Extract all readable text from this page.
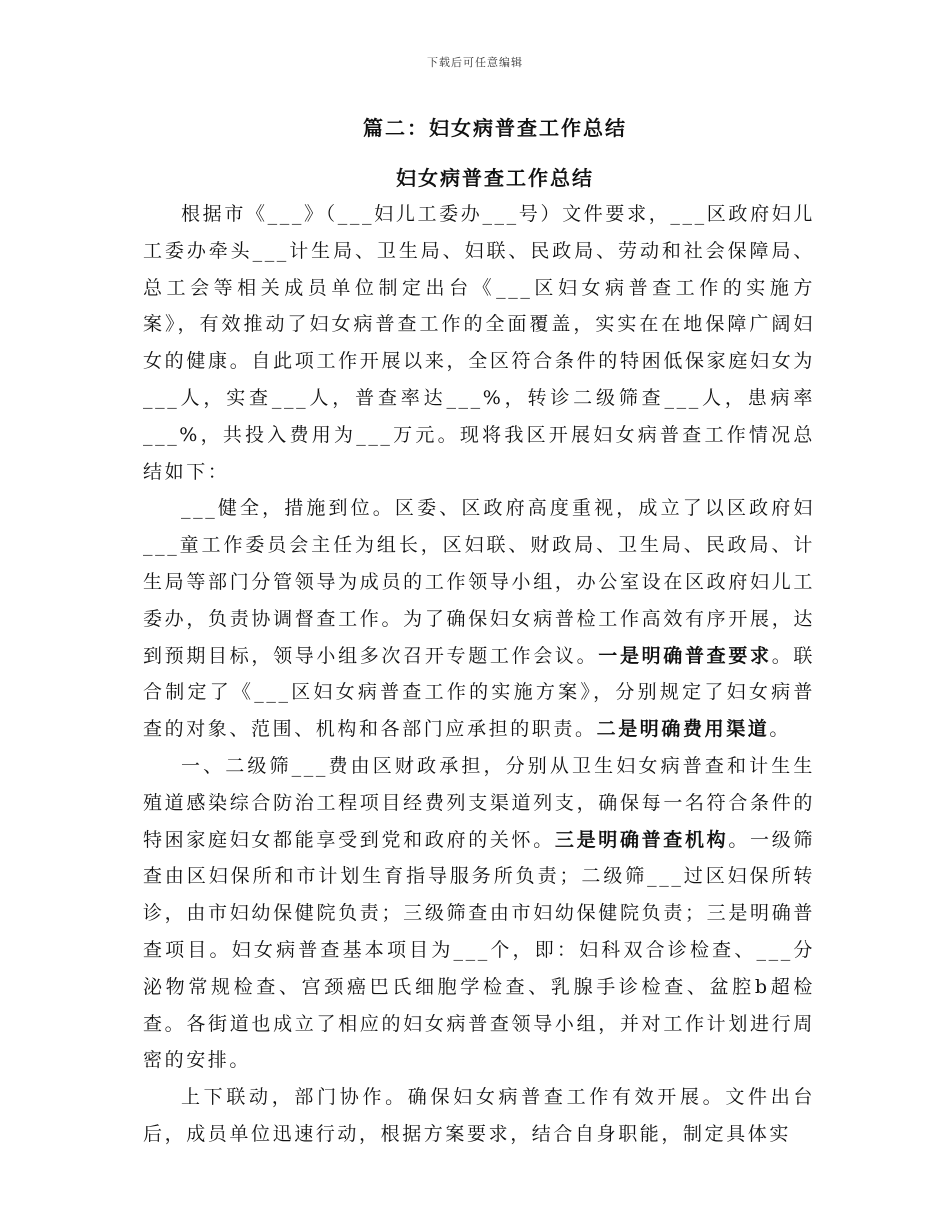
下载后可任意编辑
篇二：妇女病普查工作总结
妇女病普查工作总结

根据市《___》（___妇儿工委办___号）文件要求，___区政府妇儿工委办牵头___计生局、卫生局、妇联、民政局、劳动和社会保障局、总工会等相关成员单位制定出台《___区妇女病普查工作的实施方案》，有效推动了妇女病普查工作的全面覆盖，实实在在地保障广阔妇女的健康。自此项工作开展以来，全区符合条件的特困低保家庭妇女为___人，实查___人，普查率达___%，转诊二级筛查___人，患病率___%，共投入费用为___万元。现将我区开展妇女病普查工作情况总结如下：

___健全，措施到位。区委、区政府高度重视，成立了以区政府妇___童工作委员会主任为组长，区妇联、财政局、卫生局、民政局、计生局等部门分管领导为成员的工作领导小组，办公室设在区政府妇儿工委办，负责协调督查工作。为了确保妇女病普检工作高效有序开展，达到预期目标，领导小组多次召开专题工作会议。一是明确普查要求。联合制定了《___区妇女病普查工作的实施方案》，分别规定了妇女病普查的对象、范围、机构和各部门应承担的职责。二是明确费用渠道。

一、二级筛___费由区财政承担，分别从卫生妇女病普查和计生生殖道感染综合防治工程项目经费列支渠道列支，确保每一名符合条件的特困家庭妇女都能享受到党和政府的关怀。三是明确普查机构。一级筛查由区妇保所和市计划生育指导服务所负责；二级筛___过区妇保所转诊，由市妇幼保健院负责；三级筛查由市妇幼保健院负责；三是明确普查项目。妇女病普查基本项目为___个，即：妇科双合诊检查、___分泌物常规检查、宫颈癌巴氏细胞学检查、乳腺手诊检查、盆腔b超检查。各街道也成立了相应的妇女病普查领导小组，并对工作计划进行周密的安排。

上下联动，部门协作。确保妇女病普查工作有效开展。文件出台后，成员单位迅速行动，根据方案要求，结合自身职能，制定具体实
